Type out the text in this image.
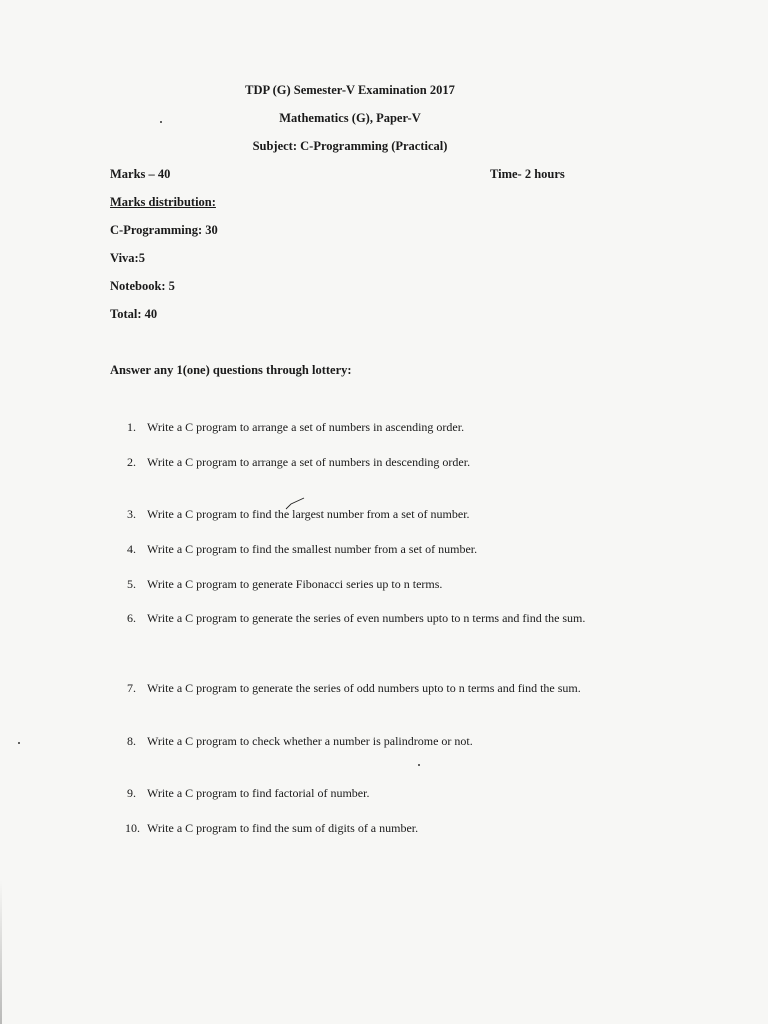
TDP (G) Semester-V Examination 2017
Mathematics (G), Paper-V
Subject: C-Programming (Practical)
Marks – 40	Time- 2 hours
Marks distribution:
C-Programming: 30
Viva:5
Notebook: 5
Total: 40
Answer any 1(one) questions through lottery:
1. Write a C program to arrange a set of numbers in ascending order.
2. Write a C program to arrange a set of numbers in descending order.
3. Write a C program to find the largest number from a set of number.
4. Write a C program to find the smallest number from a set of number.
5. Write a C program to generate Fibonacci series up to n terms.
6. Write a C program to generate the series of even numbers upto to n terms and find the sum.
7. Write a C program to generate the series of odd numbers upto to n terms and find the sum.
8. Write a C program to check whether a number is palindrome or not.
9. Write a C program to find factorial of number.
10. Write a C program to find the sum of digits of a number.
